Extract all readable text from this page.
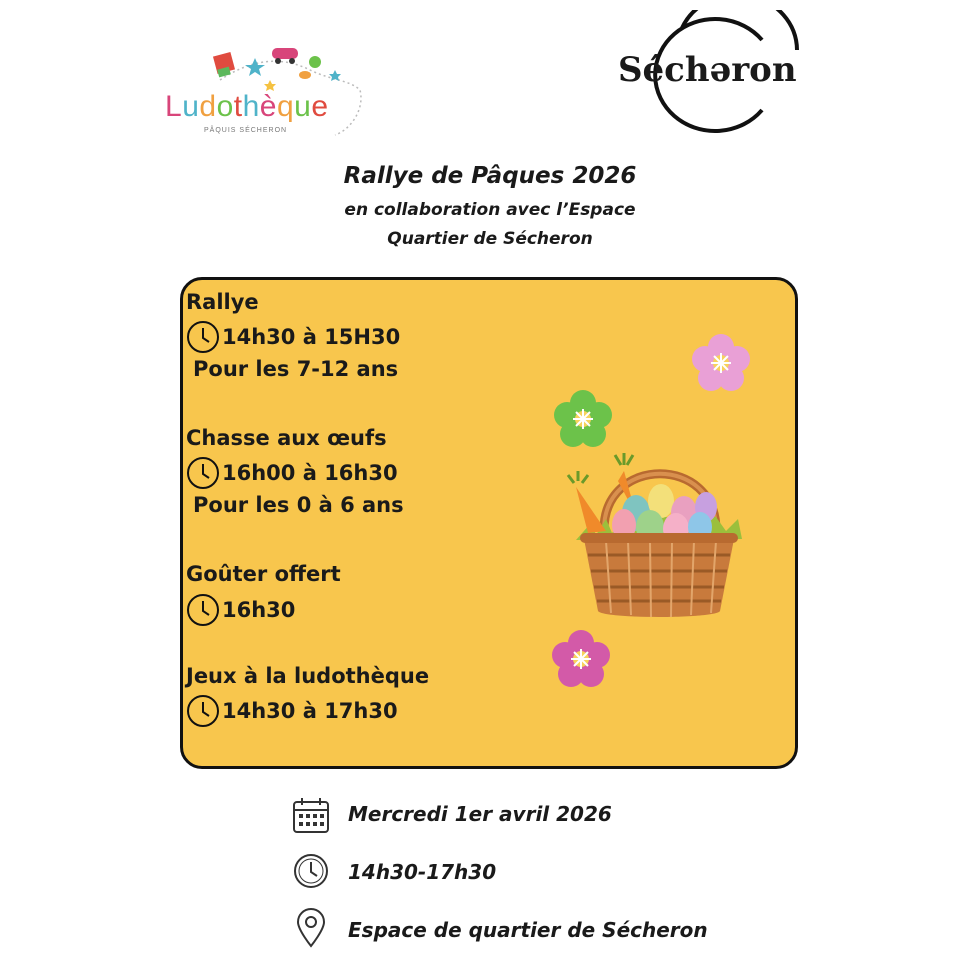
Ludothèque
PÂQUIS SÉCHERON
Séchəron
Rallye de Pâques 2026
en collaboration avec l’Espace
Quartier de Sécheron
Rallye
14h30 à 15H30
Pour les 7-12 ans
Chasse aux œufs
16h00 à 16h30
Pour les 0 à 6 ans
Goûter offert
16h30
Jeux à la ludothèque
14h30 à 17h30
Mercredi 1er avril 2026
14h30-17h30
Espace de quartier de Sécheron
